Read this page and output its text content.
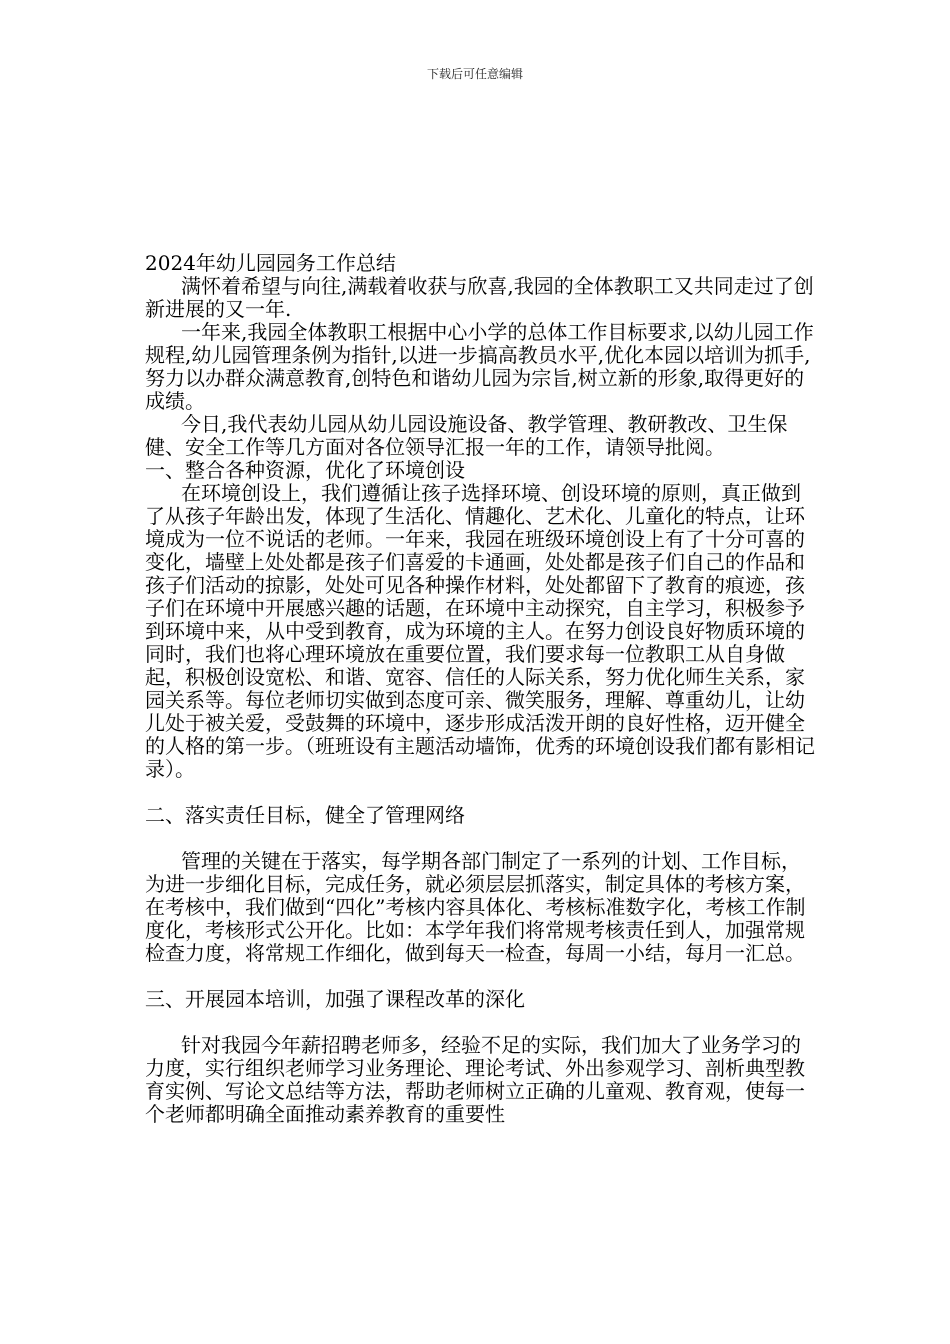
下载后可任意编辑

2024年幼儿园园务工作总结

满怀着希望与向往,满载着收获与欣喜,我园的全体教职工又共同走过了创新进展的又一年.

一年来,我园全体教职工根据中心小学的总体工作目标要求,以幼儿园工作规程,幼儿园管理条例为指针,以进一步搞高教员水平,优化本园以培训为抓手,努力以办群众满意教育,创特色和谐幼儿园为宗旨,树立新的形象,取得更好的成绩。

今日,我代表幼儿园从幼儿园设施设备、教学管理、教研教改、卫生保健、安全工作等几方面对各位领导汇报一年的工作，请领导批阅。

一、整合各种资源，优化了环境创设

在环境创设上，我们遵循让孩子选择环境、创设环境的原则，真正做到了从孩子年龄出发，体现了生活化、情趣化、艺术化、儿童化的特点，让环境成为一位不说话的老师。一年来，我园在班级环境创设上有了十分可喜的变化，墙壁上处处都是孩子们喜爱的卡通画，处处都是孩子们自己的作品和孩子们活动的掠影，处处可见各种操作材料，处处都留下了教育的痕迹，孩子们在环境中开展感兴趣的话题，在环境中主动探究，自主学习，积极参予到环境中来，从中受到教育，成为环境的主人。在努力创设良好物质环境的同时，我们也将心理环境放在重要位置，我们要求每一位教职工从自身做起，积极创设宽松、和谐、宽容、信任的人际关系，努力优化师生关系，家园关系等。每位老师切实做到态度可亲、微笑服务，理解、尊重幼儿，让幼儿处于被关爱，受鼓舞的环境中，逐步形成活泼开朗的良好性格，迈开健全的人格的第一步。（班班设有主题活动墙饰，优秀的环境创设我们都有影相记录）。

二、落实责任目标，健全了管理网络

管理的关键在于落实，每学期各部门制定了一系列的计划、工作目标，为进一步细化目标，完成任务，就必须层层抓落实，制定具体的考核方案，在考核中，我们做到“四化”考核内容具体化、考核标准数字化，考核工作制度化，考核形式公开化。比如：本学年我们将常规考核责任到人，加强常规检查力度，将常规工作细化，做到每天一检查，每周一小结，每月一汇总。

三、开展园本培训，加强了课程改革的深化

针对我园今年薪招聘老师多，经验不足的实际，我们加大了业务学习的力度，实行组织老师学习业务理论、理论考试、外出参观学习、剖析典型教育实例、写论文总结等方法，帮助老师树立正确的儿童观、教育观，使每一个老师都明确全面推动素养教育的重要性
